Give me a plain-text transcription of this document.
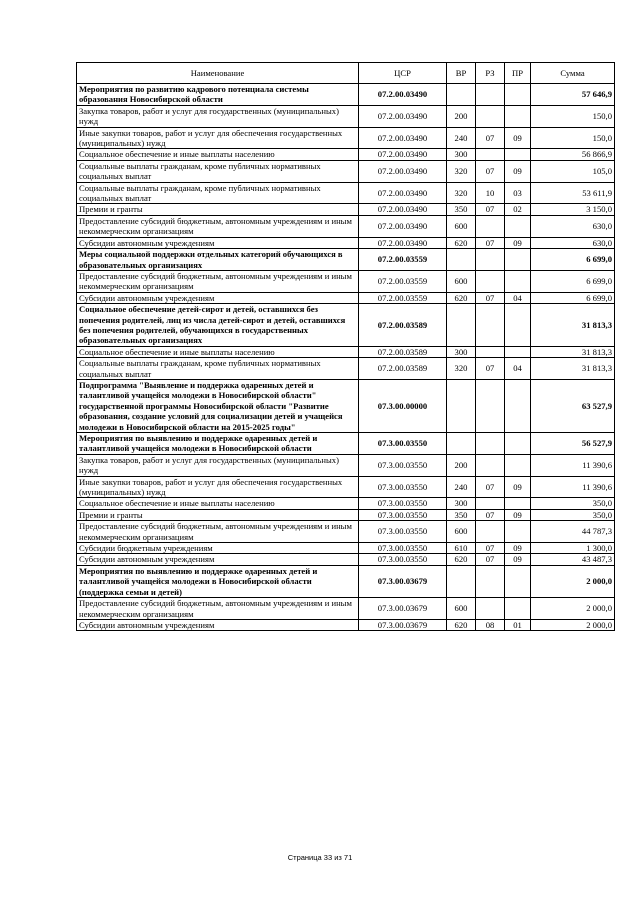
Наименование	ЦСР	ВР	РЗ	ПР	Сумма
Мероприятия по развитию кадрового потенциала системы образования Новосибирской области	07.2.00.03490				57 646,9
Закупка товаров, работ и услуг для государственных (муниципальных) нужд	07.2.00.03490	200			150,0
Иные закупки товаров, работ и услуг для обеспечения государственных (муниципальных) нужд	07.2.00.03490	240	07	09	150,0
Социальное обеспечение и иные выплаты населению	07.2.00.03490	300			56 866,9
Социальные выплаты гражданам, кроме публичных нормативных социальных выплат	07.2.00.03490	320	07	09	105,0
Социальные выплаты гражданам, кроме публичных нормативных социальных выплат	07.2.00.03490	320	10	03	53 611,9
Премии и гранты	07.2.00.03490	350	07	02	3 150,0
Предоставление субсидий бюджетным, автономным учреждениям и иным некоммерческим организациям	07.2.00.03490	600			630,0
Субсидии автономным учреждениям	07.2.00.03490	620	07	09	630,0
Меры социальной поддержки отдельных категорий обучающихся в образовательных организациях	07.2.00.03559				6 699,0
Предоставление субсидий бюджетным, автономным учреждениям и иным некоммерческим организациям	07.2.00.03559	600			6 699,0
Субсидии автономным учреждениям	07.2.00.03559	620	07	04	6 699,0
Социальное обеспечение детей-сирот и детей, оставшихся без попечения родителей, лиц из числа детей-сирот и детей, оставшихся без попечения родителей, обучающихся в государственных образовательных организациях	07.2.00.03589				31 813,3
Социальное обеспечение и иные выплаты населению	07.2.00.03589	300			31 813,3
Социальные выплаты гражданам, кроме публичных нормативных социальных выплат	07.2.00.03589	320	07	04	31 813,3
Подпрограмма "Выявление и поддержка одаренных детей и талантливой учащейся молодежи в Новосибирской области" государственной программы Новосибирской области "Развитие образования, создание условий для социализации детей и учащейся молодежи в Новосибирской области на 2015-2025 годы"	07.3.00.00000				63 527,9
Мероприятия по выявлению и поддержке одаренных детей и талантливой учащейся молодежи в Новосибирской области	07.3.00.03550				56 527,9
Закупка товаров, работ и услуг для государственных (муниципальных) нужд	07.3.00.03550	200			11 390,6
Иные закупки товаров, работ и услуг для обеспечения государственных (муниципальных) нужд	07.3.00.03550	240	07	09	11 390,6
Социальное обеспечение и иные выплаты населению	07.3.00.03550	300			350,0
Премии и гранты	07.3.00.03550	350	07	09	350,0
Предоставление субсидий бюджетным, автономным учреждениям и иным некоммерческим организациям	07.3.00.03550	600			44 787,3
Субсидии бюджетным учреждениям	07.3.00.03550	610	07	09	1 300,0
Субсидии автономным учреждениям	07.3.00.03550	620	07	09	43 487,3
Мероприятия по выявлению и поддержке одаренных детей и талантливой учащейся молодежи в Новосибирской области (поддержка семьи и детей)	07.3.00.03679				2 000,0
Предоставление субсидий бюджетным, автономным учреждениям и иным некоммерческим организациям	07.3.00.03679	600			2 000,0
Субсидии автономным учреждениям	07.3.00.03679	620	08	01	2 000,0
Страница 33 из 71
